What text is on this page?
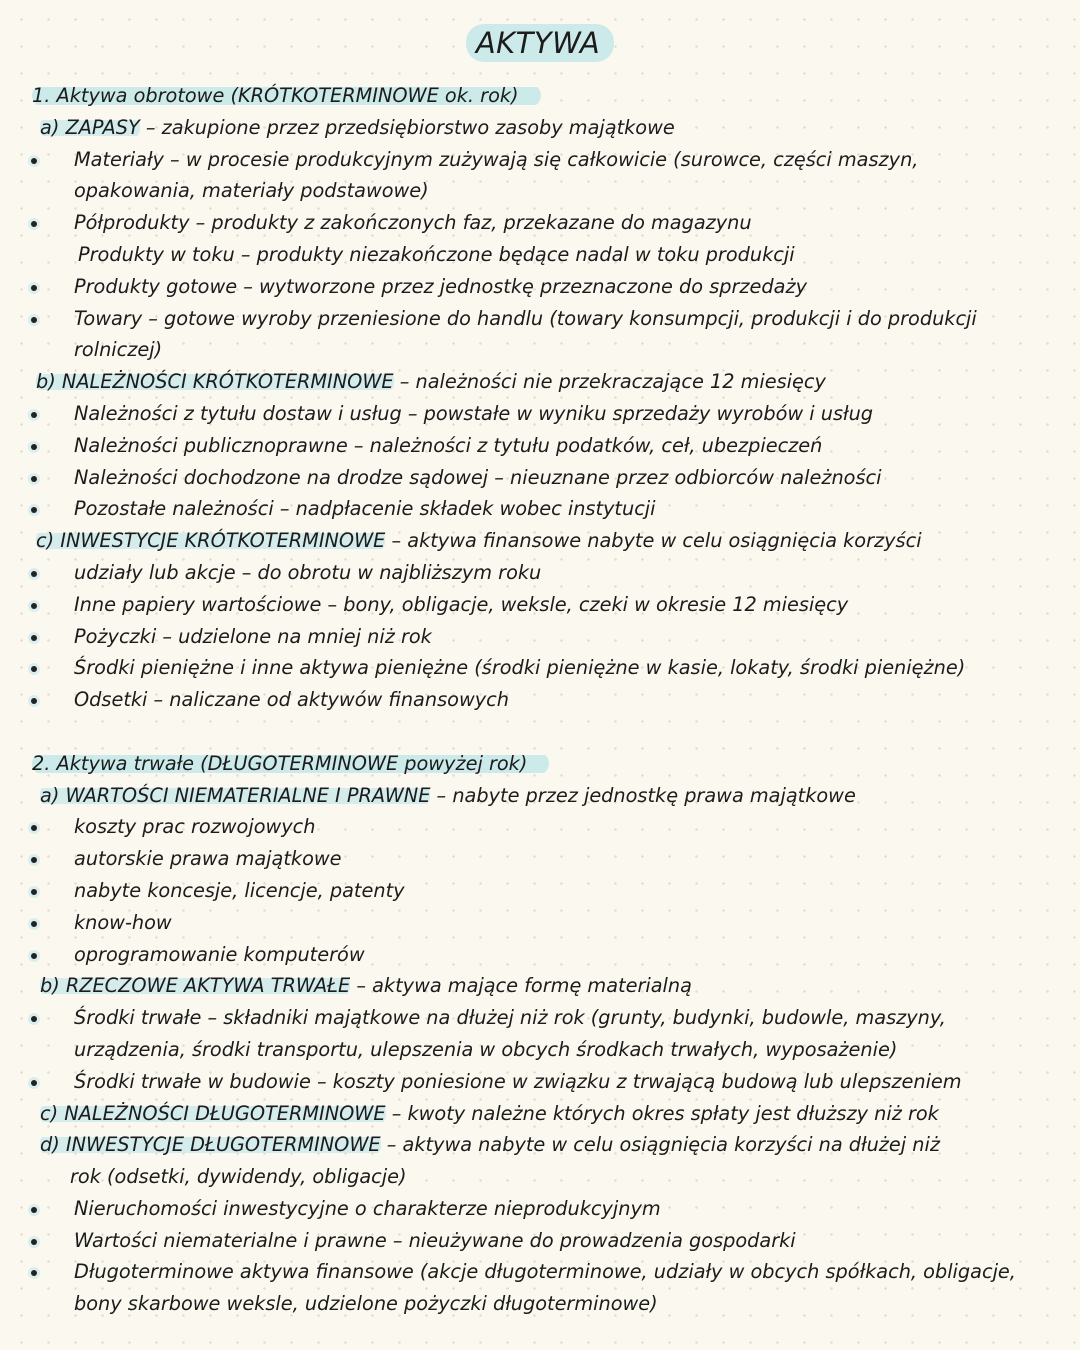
AKTYWA
1. Aktywa obrotowe (KRÓTKOTERMINOWE ok. rok)
a) ZAPASY – zakupione przez przedsiębiorstwo zasoby majątkowe
Materiały – w procesie produkcyjnym zużywają się całkowicie (surowce, części maszyn,
opakowania, materiały podstawowe)
Półprodukty – produkty z zakończonych faz, przekazane do magazynu
Produkty w toku – produkty niezakończone będące nadal w toku produkcji
Produkty gotowe – wytworzone przez jednostkę przeznaczone do sprzedaży
Towary – gotowe wyroby przeniesione do handlu (towary konsumpcji, produkcji i do produkcji
rolniczej)
b) NALEŻNOŚCI KRÓTKOTERMINOWE – należności nie przekraczające 12 miesięcy
Należności z tytułu dostaw i usług – powstałe w wyniku sprzedaży wyrobów i usług
Należności publicznoprawne – należności z tytułu podatków, ceł, ubezpieczeń
Należności dochodzone na drodze sądowej – nieuznane przez odbiorców należności
Pozostałe należności – nadpłacenie składek wobec instytucji
c) INWESTYCJE KRÓTKOTERMINOWE – aktywa finansowe nabyte w celu osiągnięcia korzyści
udziały lub akcje – do obrotu w najbliższym roku
Inne papiery wartościowe – bony, obligacje, weksle, czeki w okresie 12 miesięcy
Pożyczki – udzielone na mniej niż rok
Środki pieniężne i inne aktywa pieniężne (środki pieniężne w kasie, lokaty, środki pieniężne)
Odsetki – naliczane od aktywów finansowych
2. Aktywa trwałe (DŁUGOTERMINOWE powyżej rok)
a) WARTOŚCI NIEMATERIALNE I PRAWNE – nabyte przez jednostkę prawa majątkowe
koszty prac rozwojowych
autorskie prawa majątkowe
nabyte koncesje, licencje, patenty
know-how
oprogramowanie komputerów
b) RZECZOWE AKTYWA TRWAŁE – aktywa mające formę materialną
Środki trwałe – składniki majątkowe na dłużej niż rok (grunty, budynki, budowle, maszyny,
urządzenia, środki transportu, ulepszenia w obcych środkach trwałych, wyposażenie)
Środki trwałe w budowie – koszty poniesione w związku z trwającą budową lub ulepszeniem
c) NALEŻNOŚCI DŁUGOTERMINOWE – kwoty należne których okres spłaty jest dłuższy niż rok
d) INWESTYCJE DŁUGOTERMINOWE – aktywa nabyte w celu osiągnięcia korzyści na dłużej niż
rok (odsetki, dywidendy, obligacje)
Nieruchomości inwestycyjne o charakterze nieprodukcyjnym
Wartości niematerialne i prawne – nieużywane do prowadzenia gospodarki
Długoterminowe aktywa finansowe (akcje długoterminowe, udziały w obcych spółkach, obligacje,
bony skarbowe weksle, udzielone pożyczki długoterminowe)
